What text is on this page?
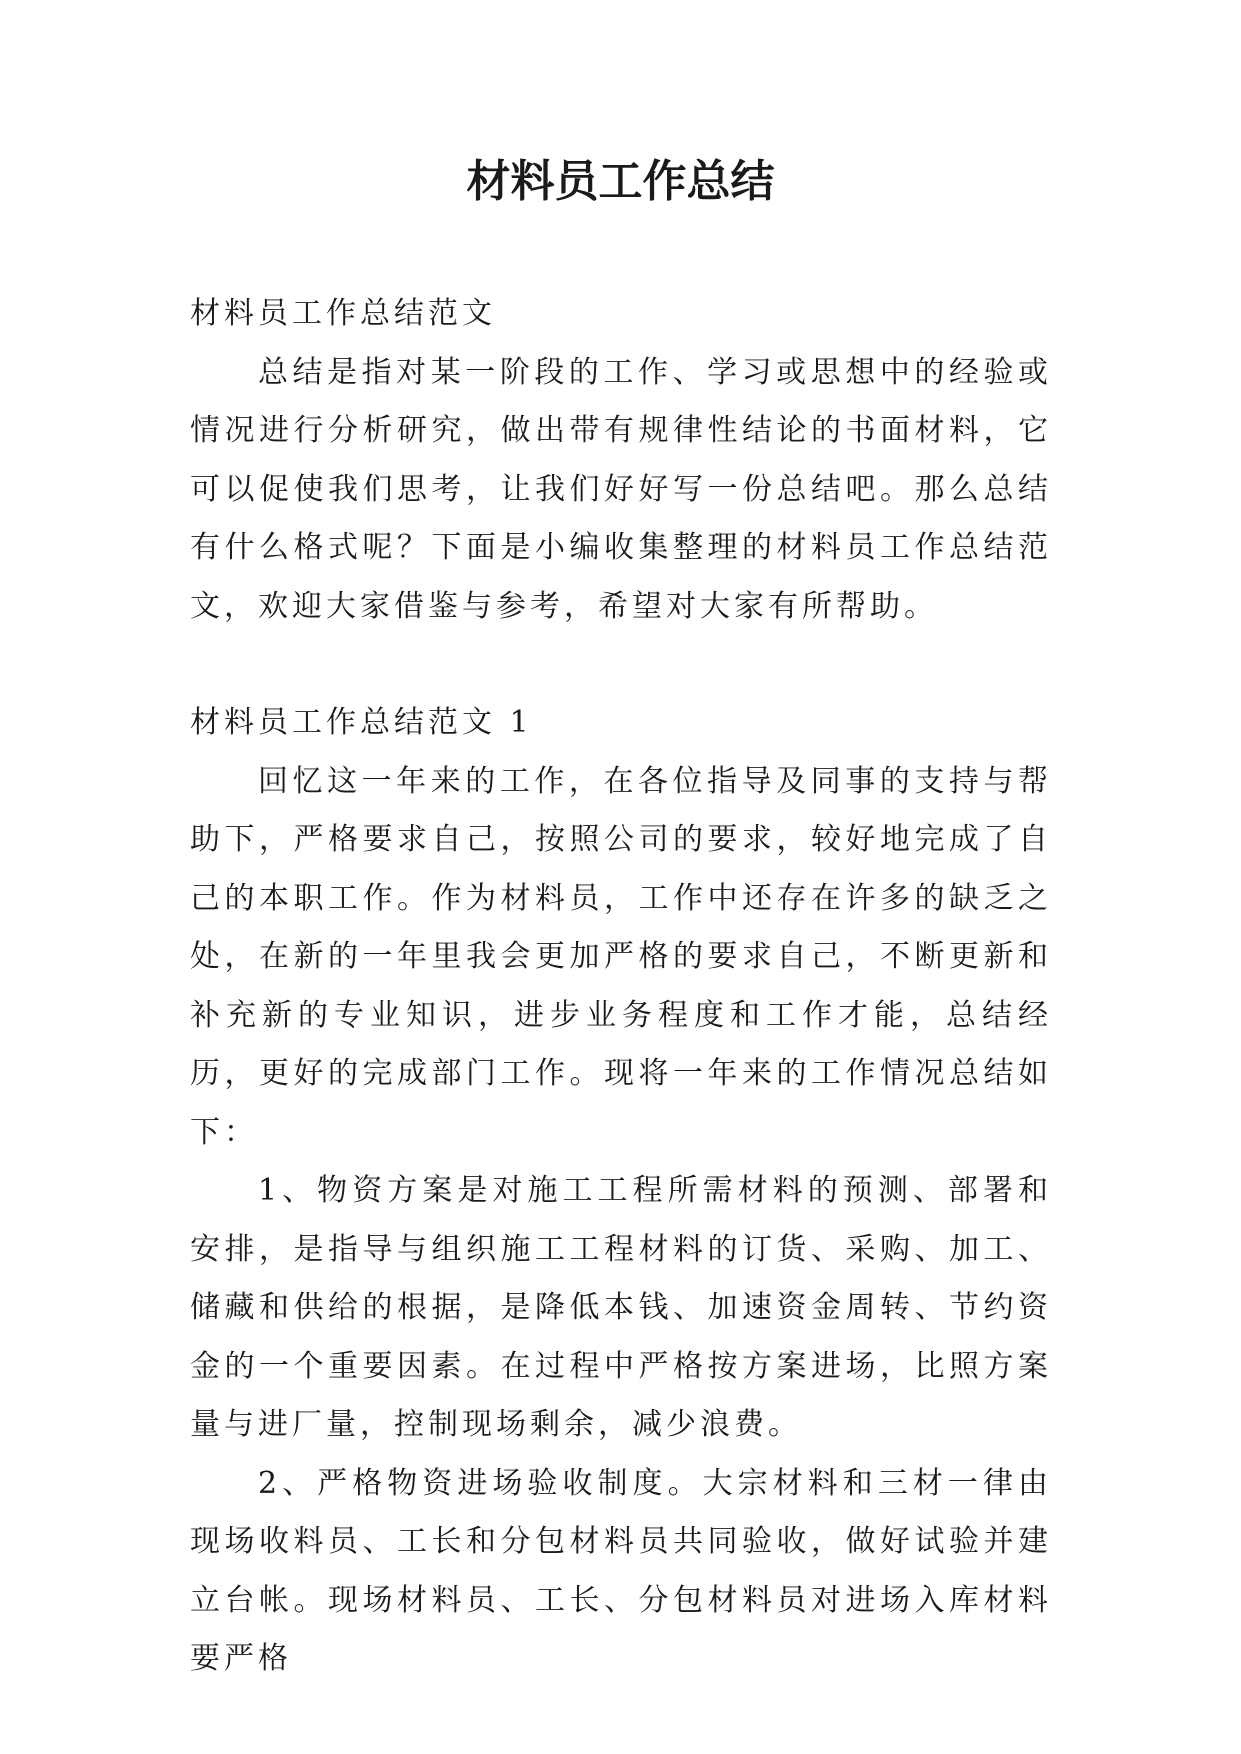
材料员工作总结

材料员工作总结范文

总结是指对某一阶段的工作、学习或思想中的经验或情况进行分析研究，做出带有规律性结论的书面材料，它可以促使我们思考，让我们好好写一份总结吧。那么总结有什么格式呢？下面是小编收集整理的材料员工作总结范文，欢迎大家借鉴与参考，希望对大家有所帮助。

材料员工作总结范文 1

回忆这一年来的工作，在各位指导及同事的支持与帮助下，严格要求自己，按照公司的要求，较好地完成了自己的本职工作。作为材料员，工作中还存在许多的缺乏之处，在新的一年里我会更加严格的要求自己，不断更新和补充新的专业知识，进步业务程度和工作才能，总结经历，更好的完成部门工作。现将一年来的工作情况总结如下：

1、物资方案是对施工工程所需材料的预测、部署和安排，是指导与组织施工工程材料的订货、采购、加工、储藏和供给的根据，是降低本钱、加速资金周转、节约资金的一个重要因素。在过程中严格按方案进场，比照方案量与进厂量，控制现场剩余，减少浪费。

2、严格物资进场验收制度。大宗材料和三材一律由现场收料员、工长和分包材料员共同验收，做好试验并建立台帐。现场材料员、工长、分包材料员对进场入库材料要严格
